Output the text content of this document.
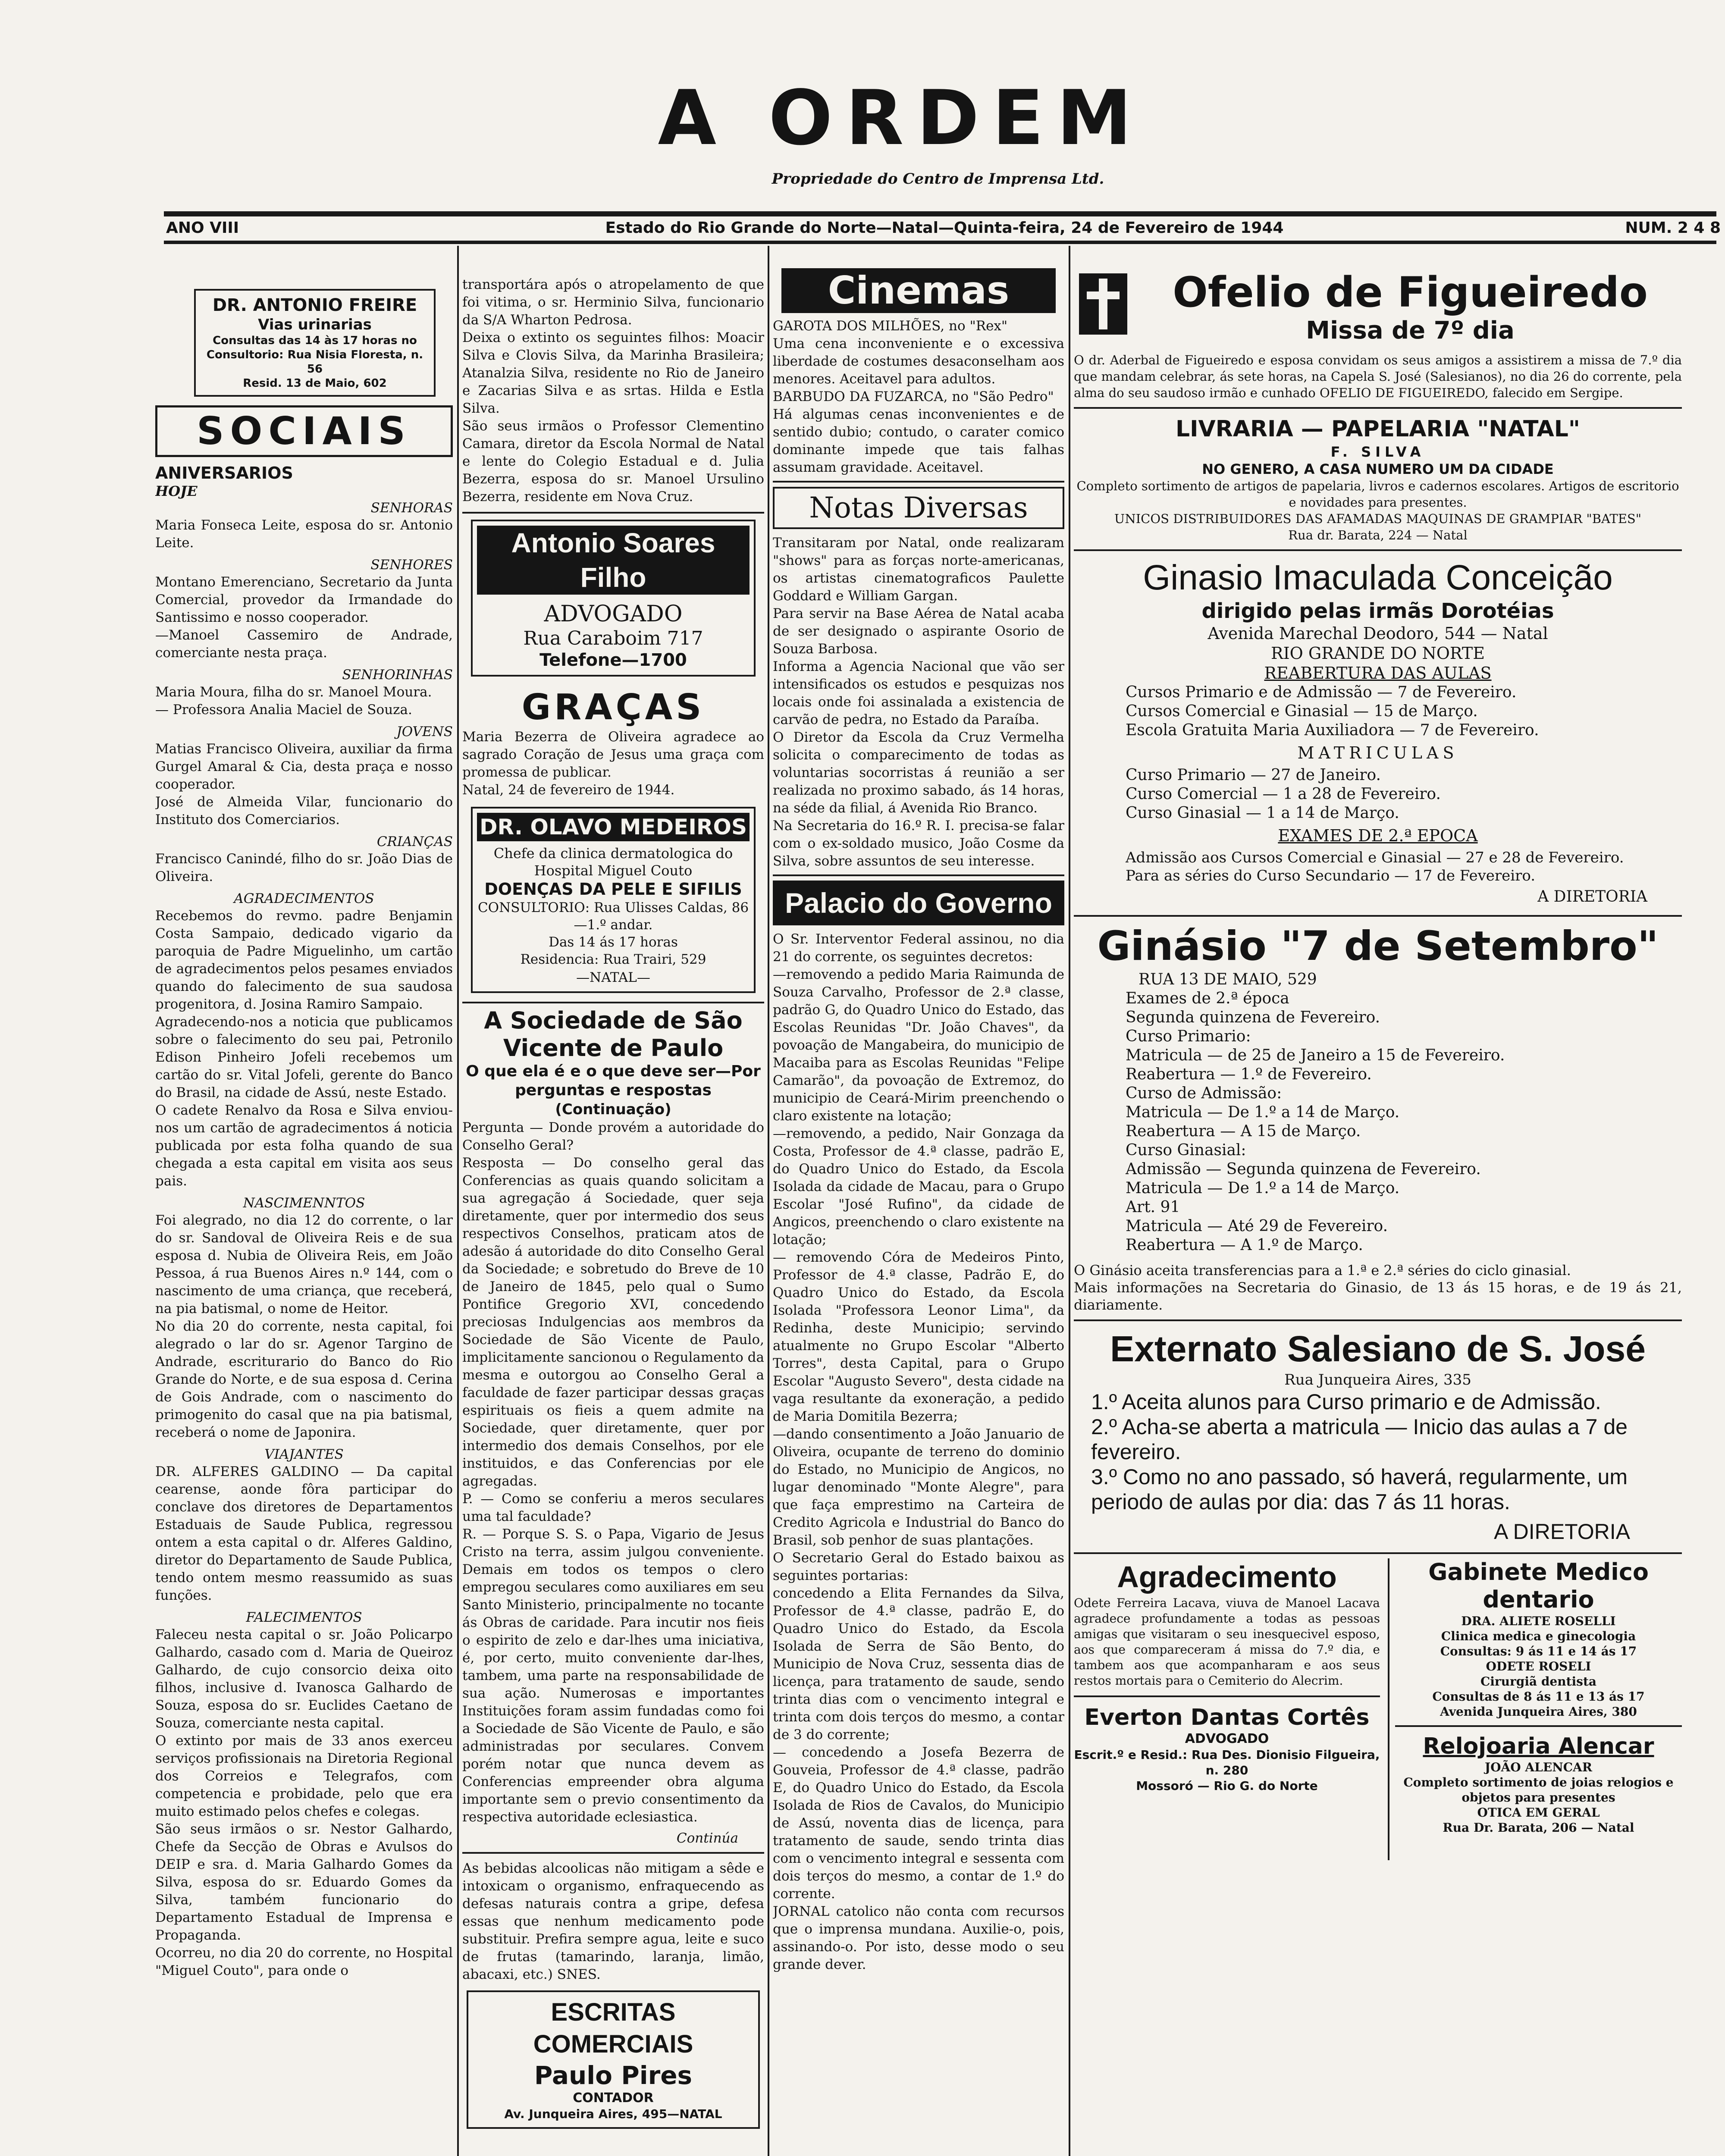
A ORDEM
Propriedade do Centro de Imprensa Ltd.
ANO VIII	Estado do Rio Grande do Norte—Natal—Quinta-feira, 24 de Fevereiro de 1944	NUM. 2 4 8
DR. ANTONIO FREIRE
Vias urinarias
Consultas das 14 às 17 horas no Consultorio: Rua Nisia Floresta, n. 56
Resid. 13 de Maio, 602
SOCIAIS
ANIVERSARIOS
HOJE
SENHORAS
Maria Fonseca Leite, esposa do sr. Antonio Leite.
SENHORES
Montano Emerenciano, Secretario da Junta Comercial, provedor da Irmandade do Santissimo e nosso cooperador.
—Manoel Cassemiro de Andrade, comerciante nesta praça.
SENHORINHAS
Maria Moura, filha do sr. Manoel Moura.
— Professora Analia Maciel de Souza.
JOVENS
Matias Francisco Oliveira, auxiliar da firma Gurgel Amaral & Cia, desta praça e nosso cooperador.
José de Almeida Vilar, funcionario do Instituto dos Comerciarios.
CRIANÇAS
Francisco Canindé, filho do sr. João Dias de Oliveira.
AGRADECIMENTOS
Recebemos do revmo. padre Benjamin Costa Sampaio, dedicado vigario da paroquia de Padre Miguelinho, um cartão de agradecimentos pelos pesames enviados quando do falecimento de sua saudosa progenitora, d. Josina Ramiro Sampaio.
Agradecendo-nos a noticia que publicamos sobre o falecimento do seu pai, Petronilo Edison Pinheiro Jofeli recebemos um cartão do sr. Vital Jofeli, gerente do Banco do Brasil, na cidade de Assú, neste Estado.
O cadete Renalvo da Rosa e Silva enviou-nos um cartão de agradecimentos á noticia publicada por esta folha quando de sua chegada a esta capital em visita aos seus pais.
NASCIMENNTOS
Foi alegrado, no dia 12 do corrente, o lar do sr. Sandoval de Oliveira Reis e de sua esposa d. Nubia de Oliveira Reis, em João Pessoa, á rua Buenos Aires n.º 144, com o nascimento de uma criança, que receberá, na pia batismal, o nome de Heitor.
No dia 20 do corrente, nesta capital, foi alegrado o lar do sr. Agenor Targino de Andrade, escriturario do Banco do Rio Grande do Norte, e de sua esposa d. Cerina de Gois Andrade, com o nascimento do primogenito do casal que na pia batismal, receberá o nome de Japonira.
VIAJANTES
DR. ALFERES GALDINO — Da capital cearense, aonde fôra participar do conclave dos diretores de Departamentos Estaduais de Saude Publica, regressou ontem a esta capital o dr. Alferes Galdino, diretor do Departamento de Saude Publica, tendo ontem mesmo reassumido as suas funções.
FALECIMENTOS
Faleceu nesta capital o sr. João Policarpo Galhardo, casado com d. Maria de Queiroz Galhardo, de cujo consorcio deixa oito filhos, inclusive d. Ivanosca Galhardo de Souza, esposa do sr. Euclides Caetano de Souza, comerciante nesta capital.
O extinto por mais de 33 anos exerceu serviços profissionais na Diretoria Regional dos Correios e Telegrafos, com competencia e probidade, pelo que era muito estimado pelos chefes e colegas.
São seus irmãos o sr. Nestor Galhardo, Chefe da Secção de Obras e Avulsos do DEIP e sra. d. Maria Galhardo Gomes da Silva, esposa do sr. Eduardo Gomes da Silva, também funcionario do Departamento Estadual de Imprensa e Propaganda.
Ocorreu, no dia 20 do corrente, no Hospital "Miguel Couto", para onde o
transportára após o atropelamento de que foi vitima, o sr. Herminio Silva, funcionario da S/A Wharton Pedrosa.
Deixa o extinto os seguintes filhos: Moacir Silva e Clovis Silva, da Marinha Brasileira; Atanalzia Silva, residente no Rio de Janeiro e Zacarias Silva e as srtas. Hilda e Estla Silva.
São seus irmãos o Professor Clementino Camara, diretor da Escola Normal de Natal e lente do Colegio Estadual e d. Julia Bezerra, esposa do sr. Manoel Ursulino Bezerra, residente em Nova Cruz.
Antonio Soares Filho
ADVOGADO
Rua Caraboim 717
Telefone—1700
GRAÇAS
Maria Bezerra de Oliveira agradece ao sagrado Coração de Jesus uma graça com promessa de publicar.
Natal, 24 de fevereiro de 1944.
DR. OLAVO MEDEIROS
Chefe da clinica dermatologica do Hospital Miguel Couto
DOENÇAS DA PELE E SIFILIS
CONSULTORIO: Rua Ulisses Caldas, 86—1.º andar.
Das 14 ás 17 horas
Residencia: Rua Trairi, 529
—NATAL—
A Sociedade de São Vicente de Paulo
O que ela é e o que deve ser—Por perguntas e respostas
(Continuação)
Pergunta — Donde provém a autoridade do Conselho Geral?
Resposta — Do conselho geral das Conferencias as quais quando solicitam a sua agregação á Sociedade, quer seja diretamente, quer por intermedio dos seus respectivos Conselhos, praticam atos de adesão á autoridade do dito Conselho Geral da Sociedade; e sobretudo do Breve de 10 de Janeiro de 1845, pelo qual o Sumo Pontifice Gregorio XVI, concedendo preciosas Indulgencias aos membros da Sociedade de São Vicente de Paulo, implicitamente sancionou o Regulamento da mesma e outorgou ao Conselho Geral a faculdade de fazer participar dessas graças espirituais os fieis a quem admite na Sociedade, quer diretamente, quer por intermedio dos demais Conselhos, por ele instituidos, e das Conferencias por ele agregadas.
P. — Como se conferiu a meros seculares uma tal faculdade?
R. — Porque S. S. o Papa, Vigario de Jesus Cristo na terra, assim julgou conveniente. Demais em todos os tempos o clero empregou seculares como auxiliares em seu Santo Ministerio, principalmente no tocante ás Obras de caridade. Para incutir nos fieis o espirito de zelo e dar-lhes uma iniciativa, é, por certo, muito conveniente dar-lhes, tambem, uma parte na responsabilidade de sua ação. Numerosas e importantes Instituições foram assim fundadas como foi a Sociedade de São Vicente de Paulo, e são administradas por seculares. Convem porém notar que nunca devem as Conferencias empreender obra alguma importante sem o previo consentimento da respectiva autoridade eclesiastica.
Continúa
As bebidas alcoolicas não mitigam a sêde e intoxicam o organismo, enfraquecendo as defesas naturais contra a gripe, defesa essas que nenhum medicamento pode substituir. Prefira sempre agua, leite e suco de frutas (tamarindo, laranja, limão, abacaxi, etc.) SNES.
ESCRITAS COMERCIAIS
Paulo Pires
CONTADOR
Av. Junqueira Aires, 495—NATAL
Cinemas
GAROTA DOS MILHÕES, no "Rex"
Uma cena inconveniente e o excessiva liberdade de costumes desaconselham aos menores. Aceitavel para adultos.
BARBUDO DA FUZARCA, no "São Pedro"
Há algumas cenas inconvenientes e de sentido dubio; contudo, o carater comico dominante impede que tais falhas assumam gravidade. Aceitavel.
Notas Diversas
Transitaram por Natal, onde realizaram "shows" para as forças norte-americanas, os artistas cinematograficos Paulette Goddard e William Gargan.
Para servir na Base Aérea de Natal acaba de ser designado o aspirante Osorio de Souza Barbosa.
Informa a Agencia Nacional que vão ser intensificados os estudos e pesquizas nos locais onde foi assinalada a existencia de carvão de pedra, no Estado da Paraíba.
O Diretor da Escola da Cruz Vermelha solicita o comparecimento de todas as voluntarias socorristas á reunião a ser realizada no proximo sabado, ás 14 horas, na séde da filial, á Avenida Rio Branco.
Na Secretaria do 16.º R. I. precisa-se falar com o ex-soldado musico, João Cosme da Silva, sobre assuntos de seu interesse.
Palacio do Governo
O Sr. Interventor Federal assinou, no dia 21 do corrente, os seguintes decretos:
—removendo a pedido Maria Raimunda de Souza Carvalho, Professor de 2.ª classe, padrão G, do Quadro Unico do Estado, das Escolas Reunidas "Dr. João Chaves", da povoação de Mangabeira, do municipio de Macaiba para as Escolas Reunidas "Felipe Camarão", da povoação de Extremoz, do municipio de Ceará-Mirim preenchendo o claro existente na lotação;
—removendo, a pedido, Nair Gonzaga da Costa, Professor de 4.ª classe, padrão E, do Quadro Unico do Estado, da Escola Isolada da cidade de Macau, para o Grupo Escolar "José Rufino", da cidade de Angicos, preenchendo o claro existente na lotação;
— removendo Córa de Medeiros Pinto, Professor de 4.ª classe, Padrão E, do Quadro Unico do Estado, da Escola Isolada "Professora Leonor Lima", da Redinha, deste Municipio; servindo atualmente no Grupo Escolar "Alberto Torres", desta Capital, para o Grupo Escolar "Augusto Severo", desta cidade na vaga resultante da exoneração, a pedido de Maria Domitila Bezerra;
—dando consentimento a João Januario de Oliveira, ocupante de terreno do dominio do Estado, no Municipio de Angicos, no lugar denominado "Monte Alegre", para que faça emprestimo na Carteira de Credito Agricola e Industrial do Banco do Brasil, sob penhor de suas plantações.
O Secretario Geral do Estado baixou as seguintes portarias:
concedendo a Elita Fernandes da Silva, Professor de 4.ª classe, padrão E, do Quadro Unico do Estado, da Escola Isolada de Serra de São Bento, do Municipio de Nova Cruz, sessenta dias de licença, para tratamento de saude, sendo trinta dias com o vencimento integral e trinta com dois terços do mesmo, a contar de 3 do corrente;
— concedendo a Josefa Bezerra de Gouveia, Professor de 4.ª classe, padrão E, do Quadro Unico do Estado, da Escola Isolada de Rios de Cavalos, do Municipio de Assú, noventa dias de licença, para tratamento de saude, sendo trinta dias com o vencimento integral e sessenta com dois terços do mesmo, a contar de 1.º do corrente.
JORNAL catolico não conta com recursos que o imprensa mundana. Auxilie-o, pois, assinando-o. Por isto, desse modo o seu grande dever.
Ofelio de Figueiredo
Missa de 7º dia
O dr. Aderbal de Figueiredo e esposa convidam os seus amigos a assistirem a missa de 7.º dia que mandam celebrar, ás sete horas, na Capela S. José (Salesianos), no dia 26 do corrente, pela alma do seu saudoso irmão e cunhado OFELIO DE FIGUEIREDO, falecido em Sergipe.
LIVRARIA — PAPELARIA "NATAL"
F. SILVA
NO GENERO, A CASA NUMERO UM DA CIDADE
Completo sortimento de artigos de papelaria, livros e cadernos escolares. Artigos de escritorio e novidades para presentes.
UNICOS DISTRIBUIDORES DAS AFAMADAS MAQUINAS DE GRAMPIAR "BATES"
Rua dr. Barata, 224 — Natal
Ginasio Imaculada Conceição
dirigido pelas irmãs Dorotéias
Avenida Marechal Deodoro, 544 — Natal
RIO GRANDE DO NORTE
REABERTURA DAS AULAS
Cursos Primario e de Admissão — 7 de Fevereiro.
Cursos Comercial e Ginasial — 15 de Março.
Escola Gratuita Maria Auxiliadora — 7 de Fevereiro.
MATRICULAS
Curso Primario — 27 de Janeiro.
Curso Comercial — 1 a 28 de Fevereiro.
Curso Ginasial — 1 a 14 de Março.
EXAMES DE 2.ª EPOCA
Admissão aos Cursos Comercial e Ginasial — 27 e 28 de Fevereiro.
Para as séries do Curso Secundario — 17 de Fevereiro.
A DIRETORIA
Ginásio "7 de Setembro"
RUA 13 DE MAIO, 529
Exames de 2.ª época
Segunda quinzena de Fevereiro.
Curso Primario:
Matricula — de 25 de Janeiro a 15 de Fevereiro.
Reabertura — 1.º de Fevereiro.
Curso de Admissão:
Matricula — De 1.º a 14 de Março.
Reabertura — A 15 de Março.
Curso Ginasial:
Admissão — Segunda quinzena de Fevereiro.
Matricula — De 1.º a 14 de Março.
Art. 91
Matricula — Até 29 de Fevereiro.
Reabertura — A 1.º de Março.
O Ginásio aceita transferencias para a 1.ª e 2.ª séries do ciclo ginasial.
Mais informações na Secretaria do Ginasio, de 13 ás 15 horas, e de 19 ás 21, diariamente.
Externato Salesiano de S. José
Rua Junqueira Aires, 335
1.º Aceita alunos para Curso primario e de Admissão.
2.º Acha-se aberta a matricula — Inicio das aulas a 7 de fevereiro.
3.º Como no ano passado, só haverá, regularmente, um periodo de aulas por dia: das 7 ás 11 horas.
A DIRETORIA
Agradecimento
Odete Ferreira Lacava, viuva de Manoel Lacava agradece profundamente a todas as pessoas amigas que visitaram o seu inesquecivel esposo, aos que compareceram á missa do 7.º dia, e tambem aos que acompanharam e aos seus restos mortais para o Cemiterio do Alecrim.
Everton Dantas Cortês
ADVOGADO
Escrit.º e Resid.: Rua Des. Dionisio Filgueira, n. 280
Mossoró — Rio G. do Norte
Gabinete Medico dentario
DRA. ALIETE ROSELLI
Clinica medica e ginecologia
Consultas: 9 ás 11 e 14 ás 17
ODETE ROSELI
Cirurgiã dentista
Consultas de 8 ás 11 e 13 ás 17
Avenida Junqueira Aires, 380
Relojoaria Alencar
JOÃO ALENCAR
Completo sortimento de joias relogios e objetos para presentes
OTICA EM GERAL
Rua Dr. Barata, 206 — Natal
